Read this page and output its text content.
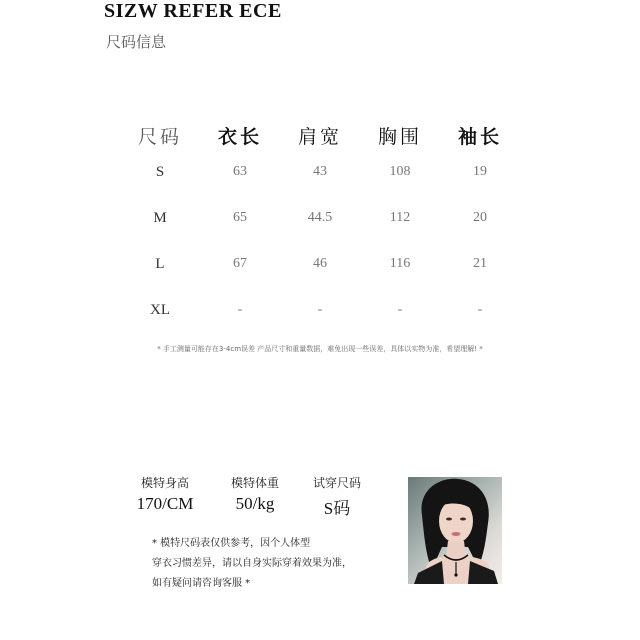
SIZW REFER ECE
尺码信息
尺码	衣长	肩宽	胸围	袖长
S	63	43	108	19
M	65	44.5	112	20
L	67	46	116	21
XL	-	-	-	-
* 手工测量可能存在3-4cm误差 产品尺寸和重量数据，难免出现一些误差，具体以实物为准，希望理解! *
模特身高
170/CM
模特体重
50/kg
试穿尺码
S码
* 模特尺码表仅供参考，因个人体型
穿衣习惯差异，请以自身实际穿着效果为准，
如有疑问请咨询客服 *
